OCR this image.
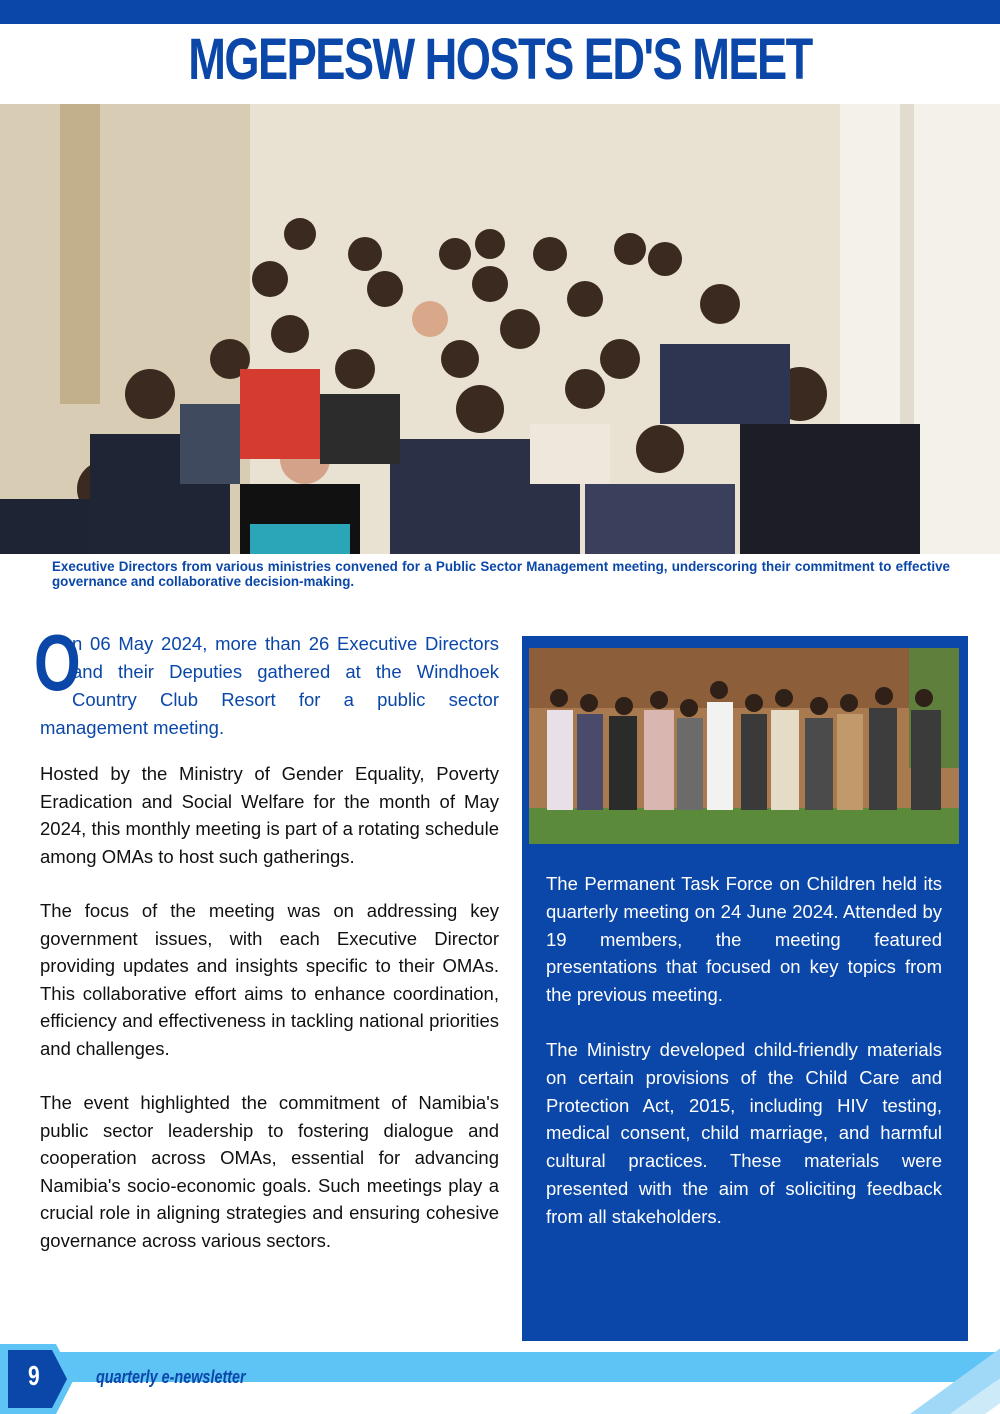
MGEPESW HOSTS ED'S MEET

Executive Directors from various ministries convened for a Public Sector Management meeting, underscoring their commitment to effective governance and collaborative decision-making.

O
n 06 May 2024, more than 26 Executive Directors and their Deputies gathered at the Windhoek Country Club Resort for a public sector management meeting.

Hosted by the Ministry of Gender Equality, Poverty Eradication and Social Welfare for the month of May 2024, this monthly meeting is part of a rotating schedule among OMAs to host such gatherings.

The focus of the meeting was on addressing key government issues, with each Executive Director providing updates and insights specific to their OMAs. This collaborative effort aims to enhance coordination, efficiency and effectiveness in tackling national priorities and challenges.

The event highlighted the commitment of Namibia's public sector leadership to fostering dialogue and cooperation across OMAs, essential for advancing Namibia's socio-economic goals. Such meetings play a crucial role in aligning strategies and ensuring cohesive governance across various sectors.

The Permanent Task Force on Children held its quarterly meeting on 24 June 2024. Attended by 19 members, the meeting featured presentations that focused on key topics from the previous meeting.

The Ministry developed child-friendly materials on certain provisions of the Child Care and Protection Act, 2015, including HIV testing, medical consent, child marriage, and harmful cultural practices. These materials were presented with the aim of soliciting feedback from all stakeholders.

9	quarterly e-newsletter
